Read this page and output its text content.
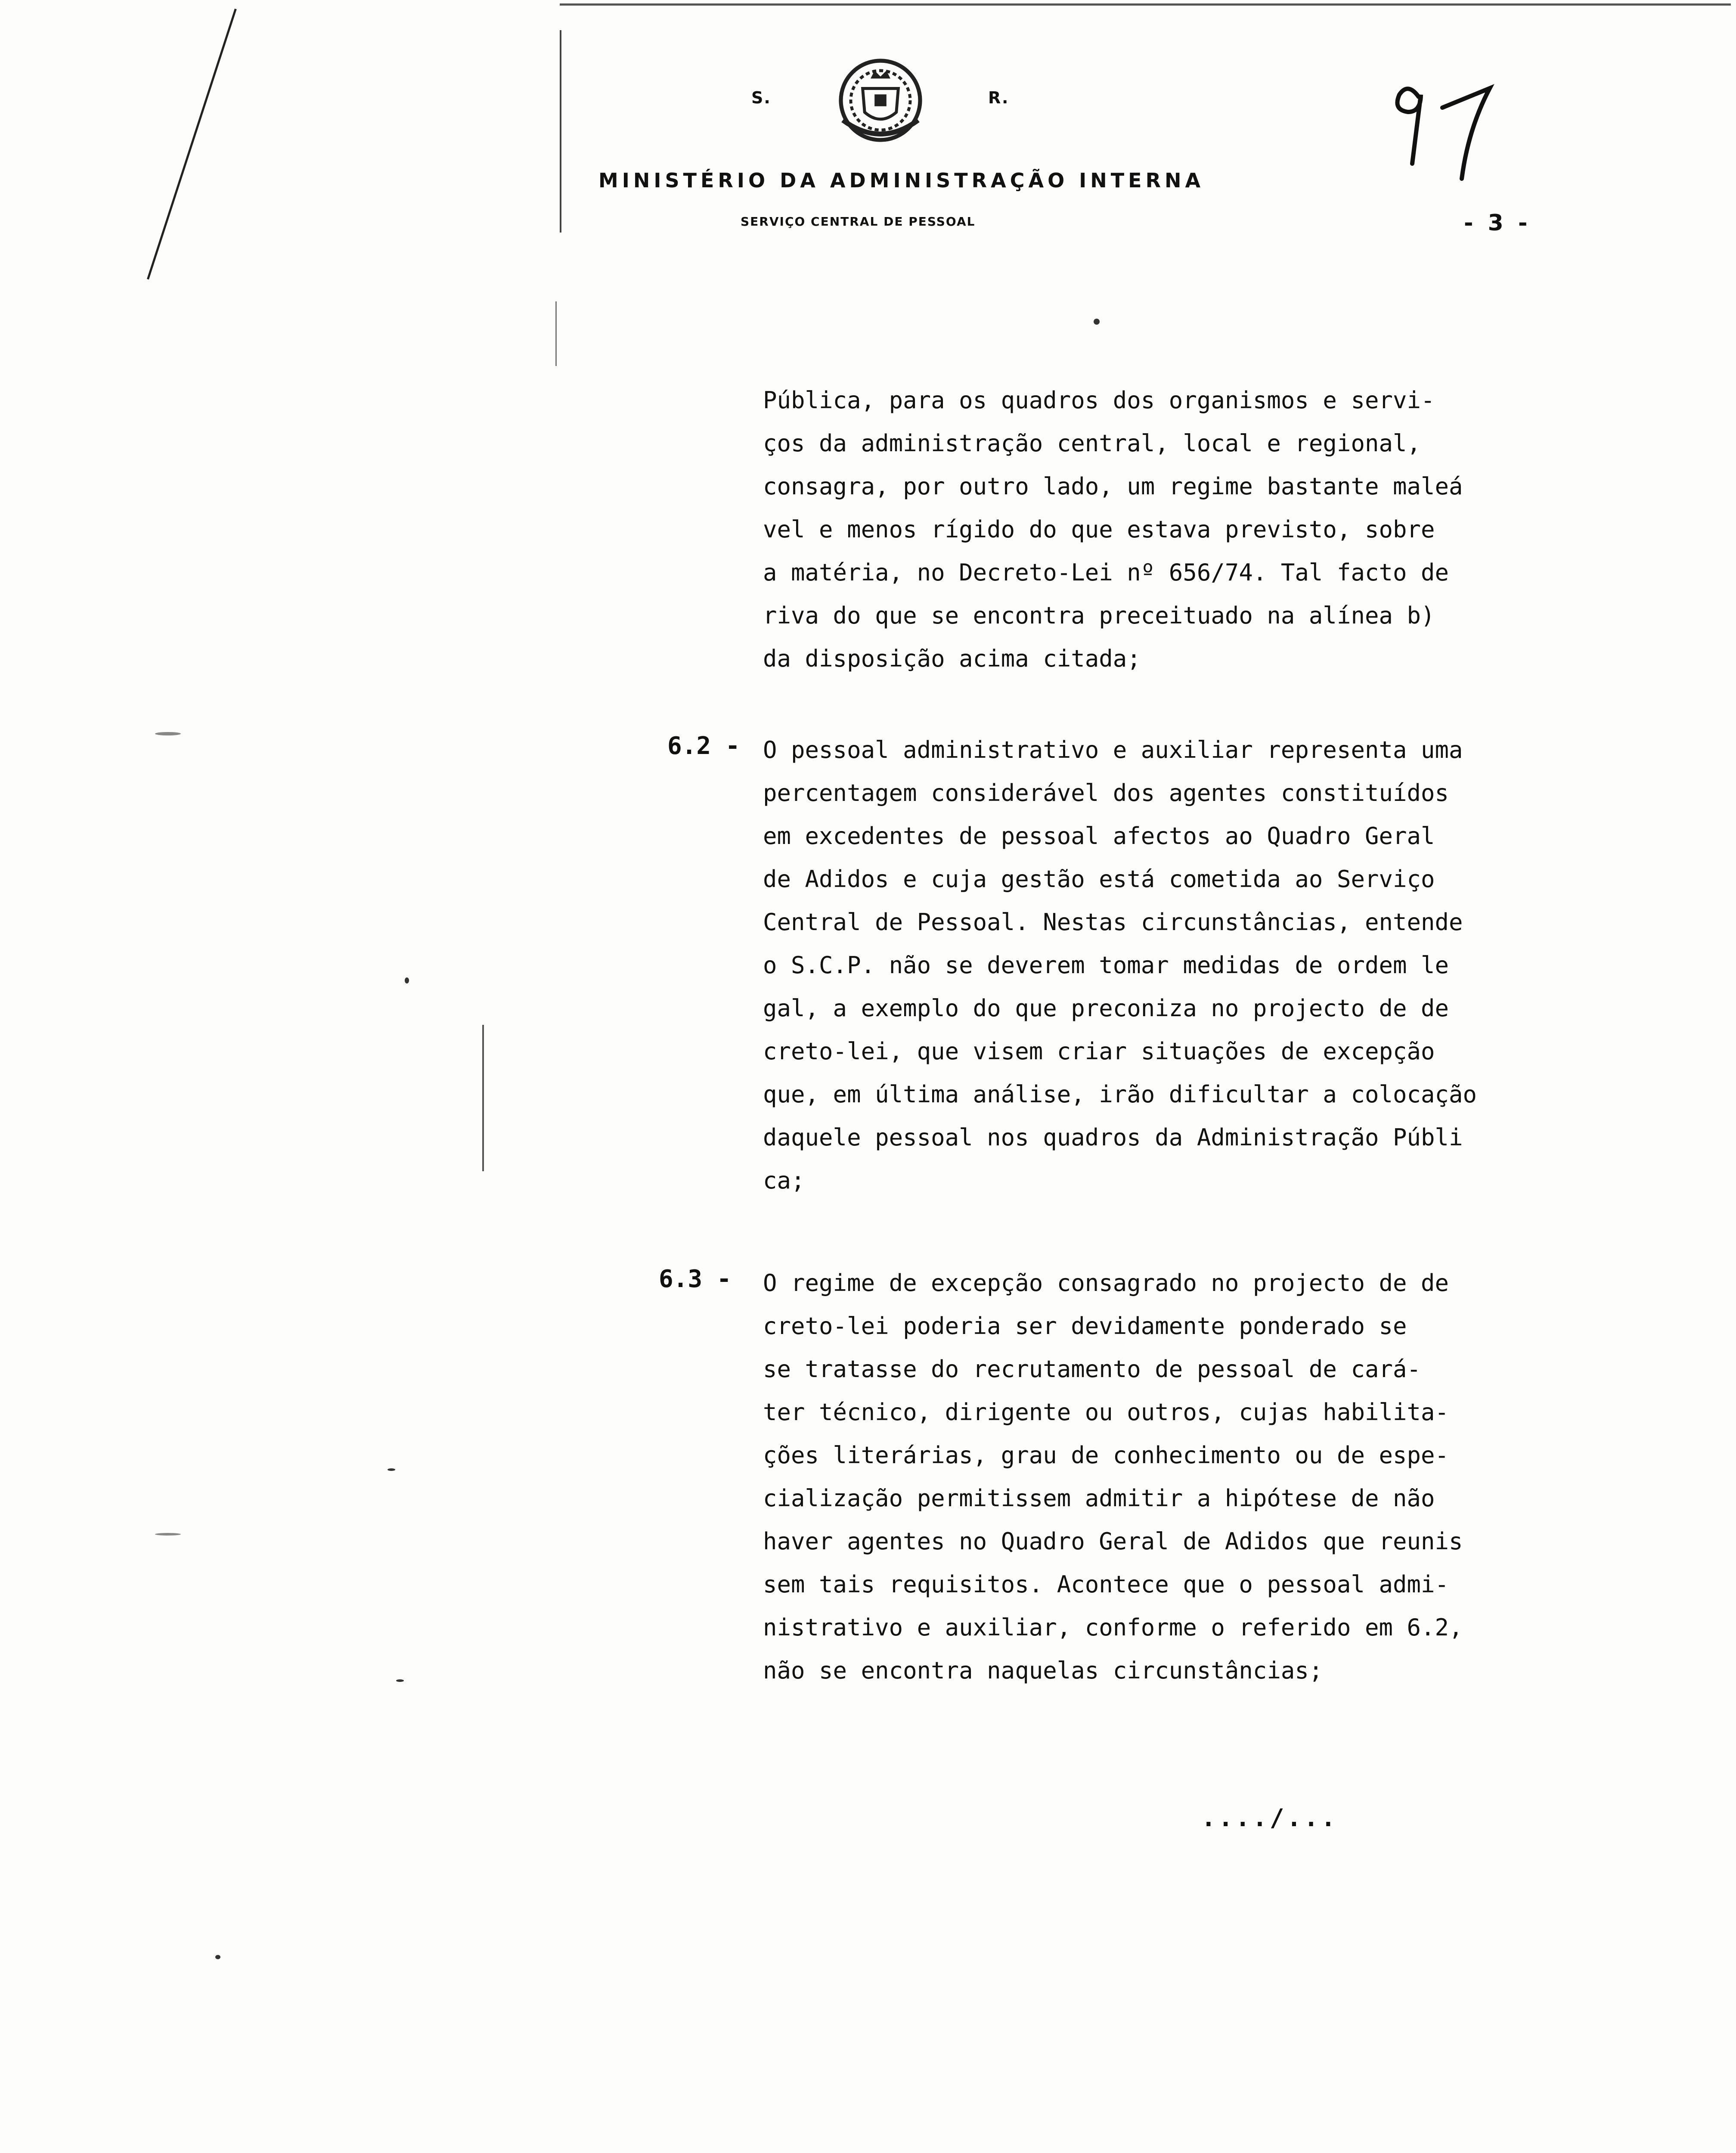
S.	R.
MINISTÉRIO DA ADMINISTRAÇÃO INTERNA
SERVIÇO CENTRAL DE PESSOAL	- 3 -
Pública, para os quadros dos organismos e servi-
ços da administração central, local e regional,
consagra, por outro lado, um regime bastante maleá
vel e menos rígido do que estava previsto, sobre
a matéria, no Decreto-Lei nº 656/74. Tal facto de
riva do que se encontra preceituado na alínea b)
da disposição acima citada;
6.2 - O pessoal administrativo e auxiliar representa uma
percentagem considerável dos agentes constituídos
em excedentes de pessoal afectos ao Quadro Geral
de Adidos e cuja gestão está cometida ao Serviço
Central de Pessoal. Nestas circunstâncias, entende
o S.C.P. não se deverem tomar medidas de ordem le
gal, a exemplo do que preconiza no projecto de de
creto-lei, que visem criar situações de excepção
que, em última análise, irão dificultar a colocação
daquele pessoal nos quadros da Administração Públi
ca;
6.3 - O regime de excepção consagrado no projecto de de
creto-lei poderia ser devidamente ponderado se
se tratasse do recrutamento de pessoal de cará-
ter técnico, dirigente ou outros, cujas habilita-
ções literárias, grau de conhecimento ou de espe-
cialização permitissem admitir a hipótese de não
haver agentes no Quadro Geral de Adidos que reunis
sem tais requisitos. Acontece que o pessoal admi-
nistrativo e auxiliar, conforme o referido em 6.2,
não se encontra naquelas circunstâncias;
..../...
